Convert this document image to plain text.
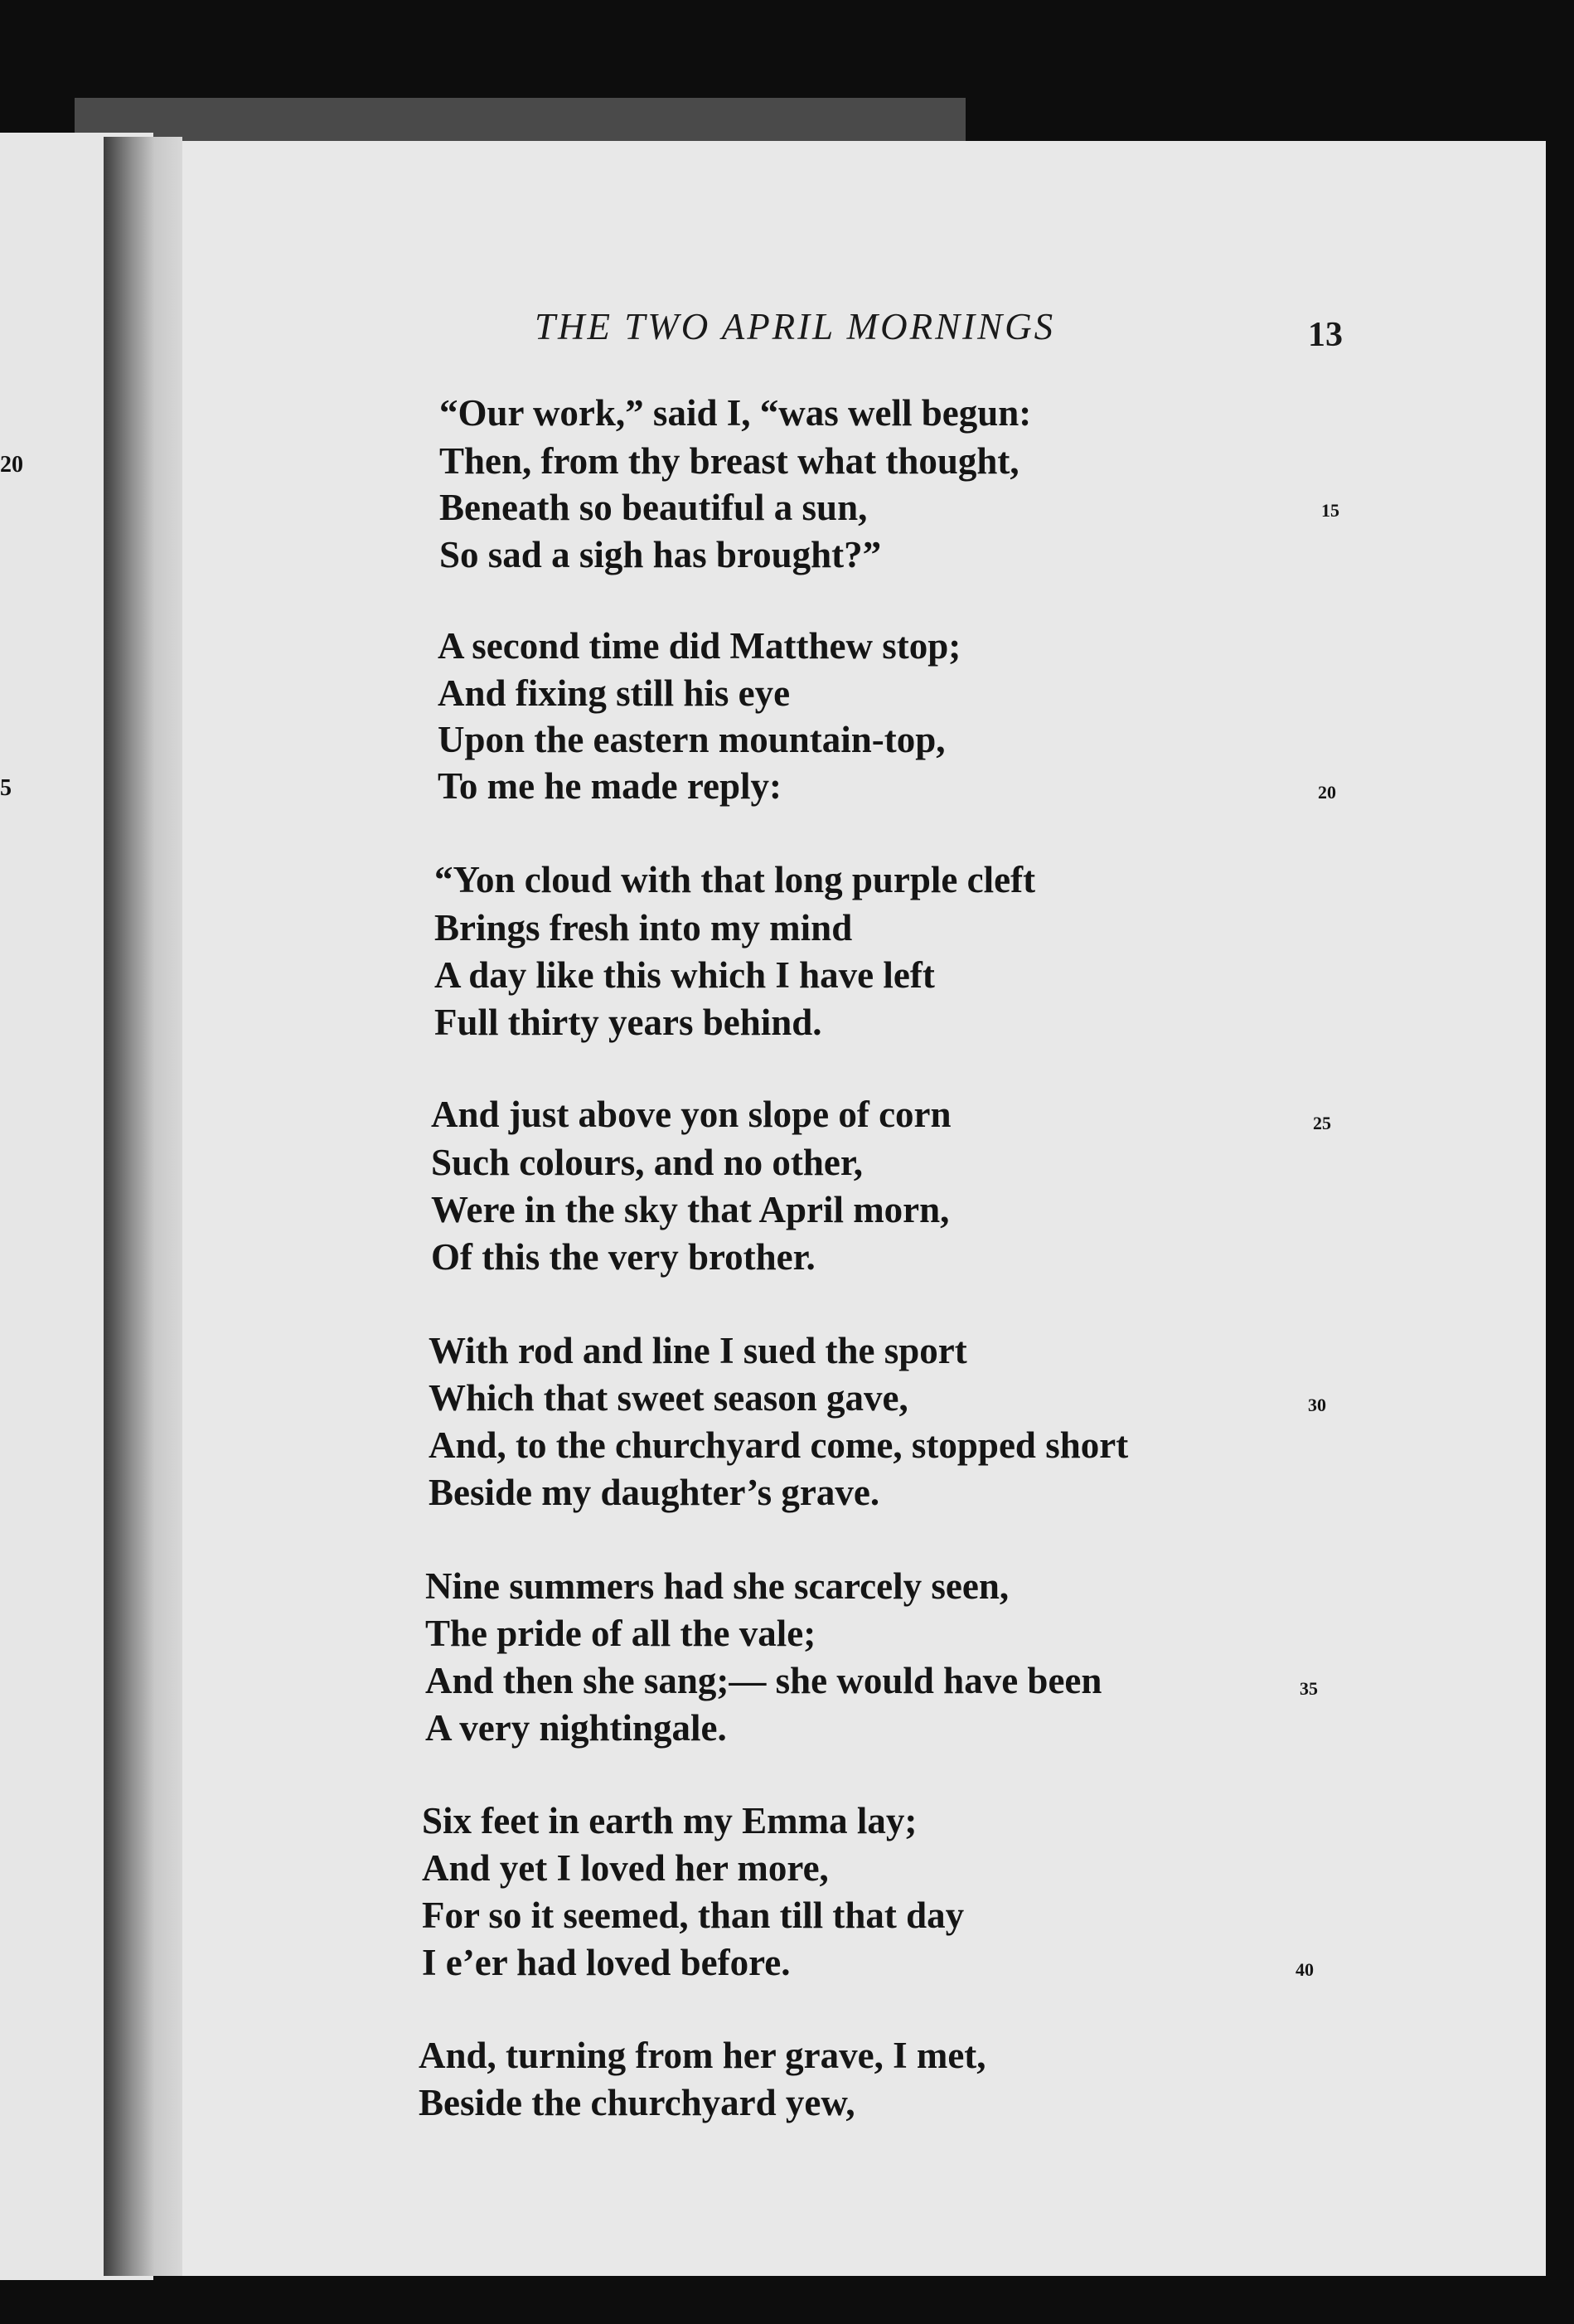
20
5
THE TWO APRIL MORNINGS	13
“Our work,” said I, “was well begun:
Then, from thy breast what thought,
Beneath so beautiful a sun,
So sad a sigh has brought?”
A second time did Matthew stop;
And fixing still his eye
Upon the eastern mountain-top,
To me he made reply:
“Yon cloud with that long purple cleft
Brings fresh into my mind
A day like this which I have left
Full thirty years behind.
And just above yon slope of corn
Such colours, and no other,
Were in the sky that April morn,
Of this the very brother.
With rod and line I sued the sport
Which that sweet season gave,
And, to the churchyard come, stopped short
Beside my daughter’s grave.
Nine summers had she scarcely seen,
The pride of all the vale;
And then she sang;— she would have been
A very nightingale.
Six feet in earth my Emma lay;
And yet I loved her more,
For so it seemed, than till that day
I e’er had loved before.
And, turning from her grave, I met,
Beside the churchyard yew,
15
20
25
30
35
40
